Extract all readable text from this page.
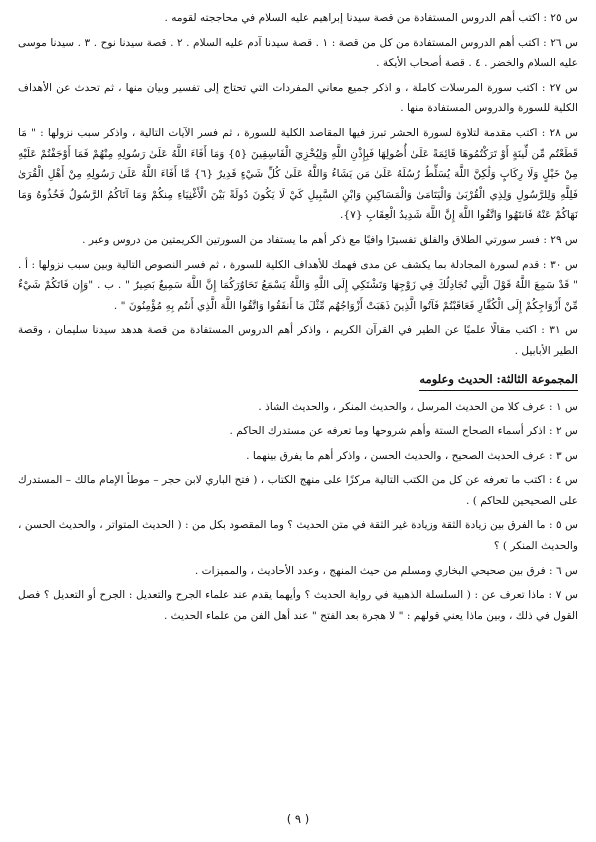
س ٢٥ : اكتب أهم الدروس المستفادة من قصة سيدنا إبراهيم عليه السلام في محاججته لقومه .

س ٢٦ : اكتب أهم الدروس المستفادة من كل من قصة : ١ . قصة سيدنا آدم عليه السلام . ٢ . قصة سيدنا نوح . ٣ . سيدنا موسى عليه السلام والخضر . ٤ . قصة أصحاب الأيكة .

س ٢٧ : اكتب سورة المرسلات كاملة ، و اذكر جميع معاني المفردات التي تحتاج إلى تفسير وبيان منها ، ثم تحدث عن الأهداف الكلية للسورة والدروس المستفادة منها .

س ٢٨ : اكتب مقدمة لتلاوة لسورة الحشر تبرز فيها المقاصد الكلية للسورة ، ثم فسر الآيات التالية ، واذكر سبب نزولها : " مَا قَطَعْتُم مِّن لِّينَةٍ أَوْ تَرَكْتُمُوهَا قَائِمَةً عَلَىٰ أُصُولِهَا فَبِإِذْنِ اللَّهِ وَلِيُخْزِيَ الْفَاسِقِينَ {٥} وَمَا أَفَاءَ اللَّهُ عَلَىٰ رَسُولِهِ مِنْهُمْ فَمَا أَوْجَفْتُمْ عَلَيْهِ مِنْ خَيْلٍ وَلَا رِكَابٍ وَلَٰكِنَّ اللَّهَ يُسَلِّطُ رُسُلَهُ عَلَىٰ مَن يَشَاءُ وَاللَّهُ عَلَىٰ كُلِّ شَيْءٍ قَدِيرٌ {٦} مَّا أَفَاءَ اللَّهُ عَلَىٰ رَسُولِهِ مِنْ أَهْلِ الْقُرَىٰ فَلِلَّهِ وَلِلرَّسُولِ وَلِذِي الْقُرْبَىٰ وَالْيَتَامَىٰ وَالْمَسَاكِينِ وَابْنِ السَّبِيلِ كَيْ لَا يَكُونَ دُولَةً بَيْنَ الْأَغْنِيَاءِ مِنكُمْ وَمَا آتَاكُمُ الرَّسُولُ فَخُذُوهُ وَمَا نَهَاكُمْ عَنْهُ فَانتَهُوا وَاتَّقُوا اللَّهَ إِنَّ اللَّهَ شَدِيدُ الْعِقَابِ {٧}.

س ٢٩ : فسر سورتي الطلاق والفلق تفسيرًا وافيًا مع ذكر أهم ما يستفاد من السورتين الكريمتين من دروس وعبر .

س ٣٠ : قدم لسورة المجادلة بما يكشف عن مدى فهمك للأهداف الكلية للسورة ، ثم فسر النصوص التالية وبين سبب نزولها : أ . " قَدْ سَمِعَ اللَّهُ قَوْلَ الَّتِي تُجَادِلُكَ فِي زَوْجِهَا وَتَشْتَكِي إِلَى اللَّهِ وَاللَّهُ يَسْمَعُ تَحَاوُرَكُمَا إِنَّ اللَّهَ سَمِيعٌ بَصِيرٌ " . ب . "وَإِن فَاتَكُمْ شَيْءٌ مِّنْ أَزْوَاجِكُمْ إِلَى الْكُفَّارِ فَعَاقَبْتُمْ فَآتُوا الَّذِينَ ذَهَبَتْ أَزْوَاجُهُم مِّثْلَ مَا أَنفَقُوا وَاتَّقُوا اللَّهَ الَّذِي أَنتُم بِهِ مُؤْمِنُونَ " .

س ٣١ : اكتب مقالًا علميًا عن الطير في القرآن الكريم ، واذكر أهم الدروس المستفادة من قصة هدهد سيدنا سليمان ، وقصة الطير الأبابيل .

المجموعة الثالثة: الحديث وعلومه

س ١ : عرف كلا من الحديث المرسل ، والحديث المنكر ، والحديث الشاذ .

س ٢ : اذكر أسماء الصحاح الستة وأهم شروحها وما تعرفه عن مستدرك الحاكم .

س ٣ : عرف الحديث الصحيح ، والحديث الحسن ، واذكر أهم ما يفرق بينهما .

س ٤ : اكتب ما تعرفه عن كل من الكتب التالية مركزًا على منهج الكتاب ، ( فتح الباري لابن حجر – موطأ الإمام مالك – المستدرك على الصحيحين للحاكم ) .

س ٥ : ما الفرق بين زيادة الثقة وزيادة غير الثقة في متن الحديث ؟ وما المقصود بكل من : ( الحديث المتواتر ، والحديث الحسن ، والحديث المنكر ) ؟

س ٦ : فرق بين صحيحي البخاري ومسلم من حيث المنهج ، وعدد الأحاديث ، والمميزات .

س ٧ : ماذا تعرف عن : ( السلسلة الذهبية في رواية الحديث ؟ وأيهما يقدم عند علماء الجرح والتعديل : الجرح أو التعديل ؟ فصل القول في ذلك ، وبين ماذا يعني قولهم : " لا هجرة بعد الفتح " عند أهل الفن من علماء الحديث .

( ٩ )
